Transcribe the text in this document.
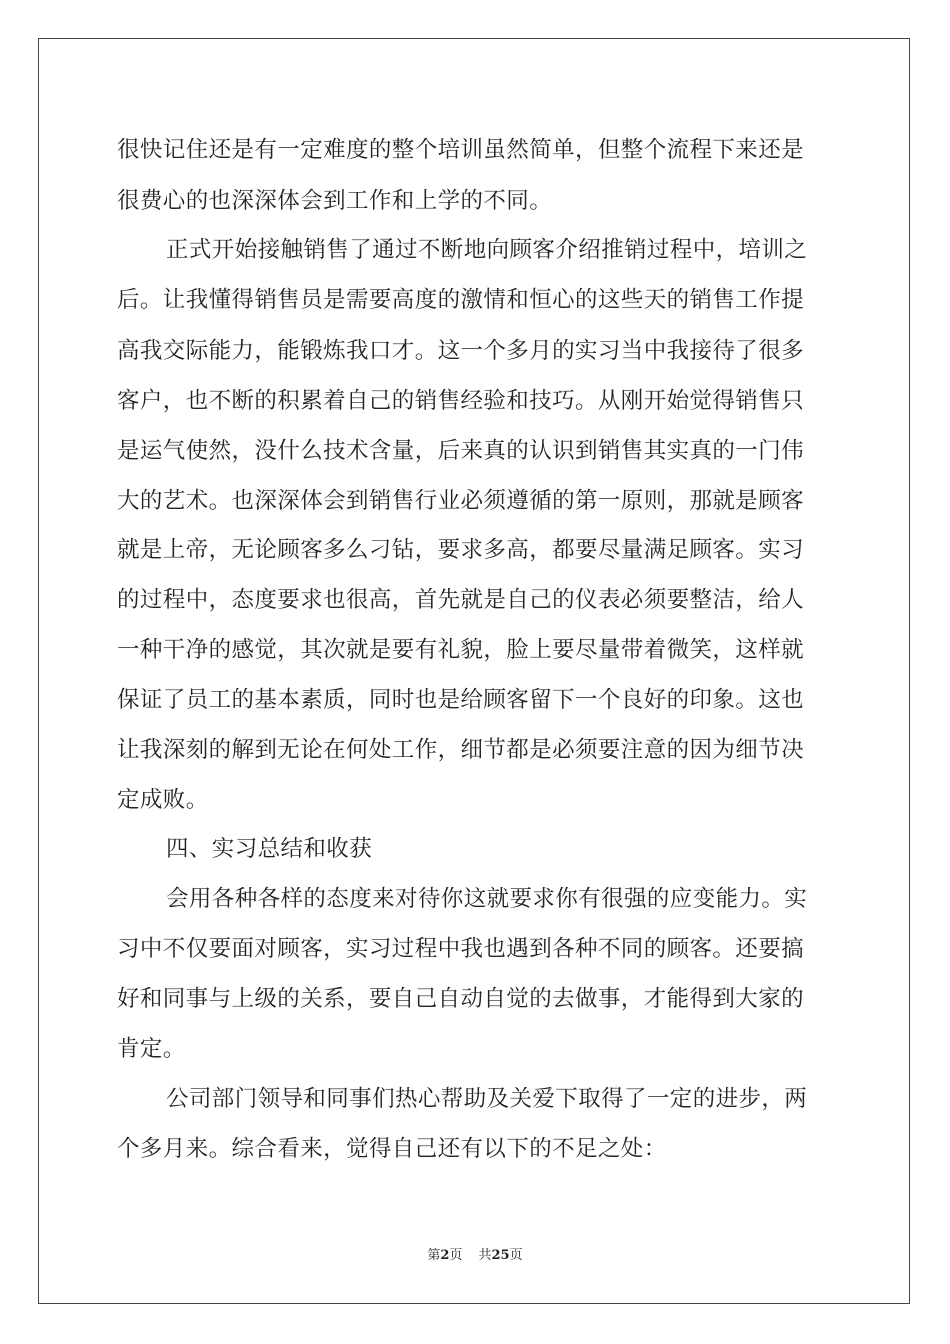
很快记住还是有一定难度的整个培训虽然简单，但整个流程下来还是
很费心的也深深体会到工作和上学的不同。
正式开始接触销售了通过不断地向顾客介绍推销过程中，培训之
后。让我懂得销售员是需要高度的激情和恒心的这些天的销售工作提
高我交际能力，能锻炼我口才。这一个多月的实习当中我接待了很多
客户，也不断的积累着自己的销售经验和技巧。从刚开始觉得销售只
是运气使然，没什么技术含量，后来真的认识到销售其实真的一门伟
大的艺术。也深深体会到销售行业必须遵循的第一原则，那就是顾客
就是上帝，无论顾客多么刁钻，要求多高，都要尽量满足顾客。实习
的过程中，态度要求也很高，首先就是自己的仪表必须要整洁，给人
一种干净的感觉，其次就是要有礼貌，脸上要尽量带着微笑，这样就
保证了员工的基本素质，同时也是给顾客留下一个良好的印象。这也
让我深刻的解到无论在何处工作，细节都是必须要注意的因为细节决
定成败。
四、实习总结和收获
会用各种各样的态度来对待你这就要求你有很强的应变能力。实
习中不仅要面对顾客，实习过程中我也遇到各种不同的顾客。还要搞
好和同事与上级的关系，要自己自动自觉的去做事，才能得到大家的
肯定。
公司部门领导和同事们热心帮助及关爱下取得了一定的进步，两
个多月来。综合看来，觉得自己还有以下的不足之处：
第2页 共25页
